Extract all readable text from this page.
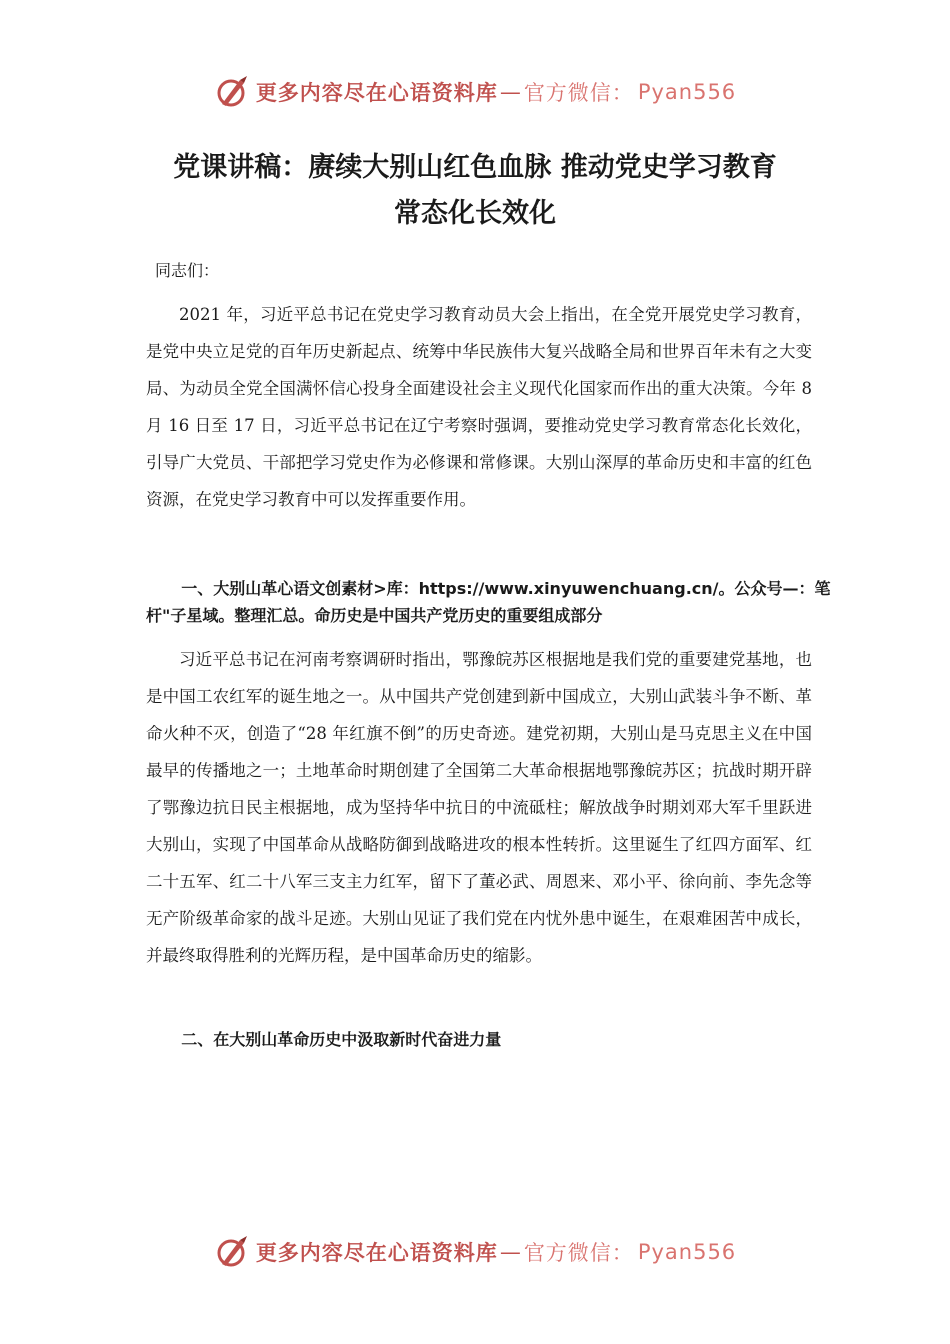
更多内容尽在心语资料库 — 官方微信： Pyan556
党课讲稿：赓续大别山红色血脉 推动党史学习教育
常态化长效化
同志们：

2021 年，习近平总书记在党史学习教育动员大会上指出，在全党开展党史学习教育，是党中央立足党的百年历史新起点、统筹中华民族伟大复兴战略全局和世界百年未有之大变局、为动员全党全国满怀信心投身全面建设社会主义现代化国家而作出的重大决策。今年 8 月 16 日至 17 日，习近平总书记在辽宁考察时强调，要推动党史学习教育常态化长效化，引导广大党员、干部把学习党史作为必修课和常修课。大别山深厚的革命历史和丰富的红色资源，在党史学习教育中可以发挥重要作用。

一、大别山革心语文创素材>库：https://www.xinyuwenchuang.cn/。公众号—：笔杆"子星域。整理汇总。命历史是中国共产党历史的重要组成部分

习近平总书记在河南考察调研时指出，鄂豫皖苏区根据地是我们党的重要建党基地，也是中国工农红军的诞生地之一。从中国共产党创建到新中国成立，大别山武装斗争不断、革命火种不灭，创造了“28 年红旗不倒”的历史奇迹。建党初期，大别山是马克思主义在中国最早的传播地之一；土地革命时期创建了全国第二大革命根据地鄂豫皖苏区；抗战时期开辟了鄂豫边抗日民主根据地，成为坚持华中抗日的中流砥柱；解放战争时期刘邓大军千里跃进大别山，实现了中国革命从战略防御到战略进攻的根本性转折。这里诞生了红四方面军、红二十五军、红二十八军三支主力红军，留下了董必武、周恩来、邓小平、徐向前、李先念等无产阶级革命家的战斗足迹。大别山见证了我们党在内忧外患中诞生，在艰难困苦中成长，并最终取得胜利的光辉历程，是中国革命历史的缩影。

二、在大别山革命历史中汲取新时代奋进力量

更多内容尽在心语资料库 — 官方微信： Pyan556
